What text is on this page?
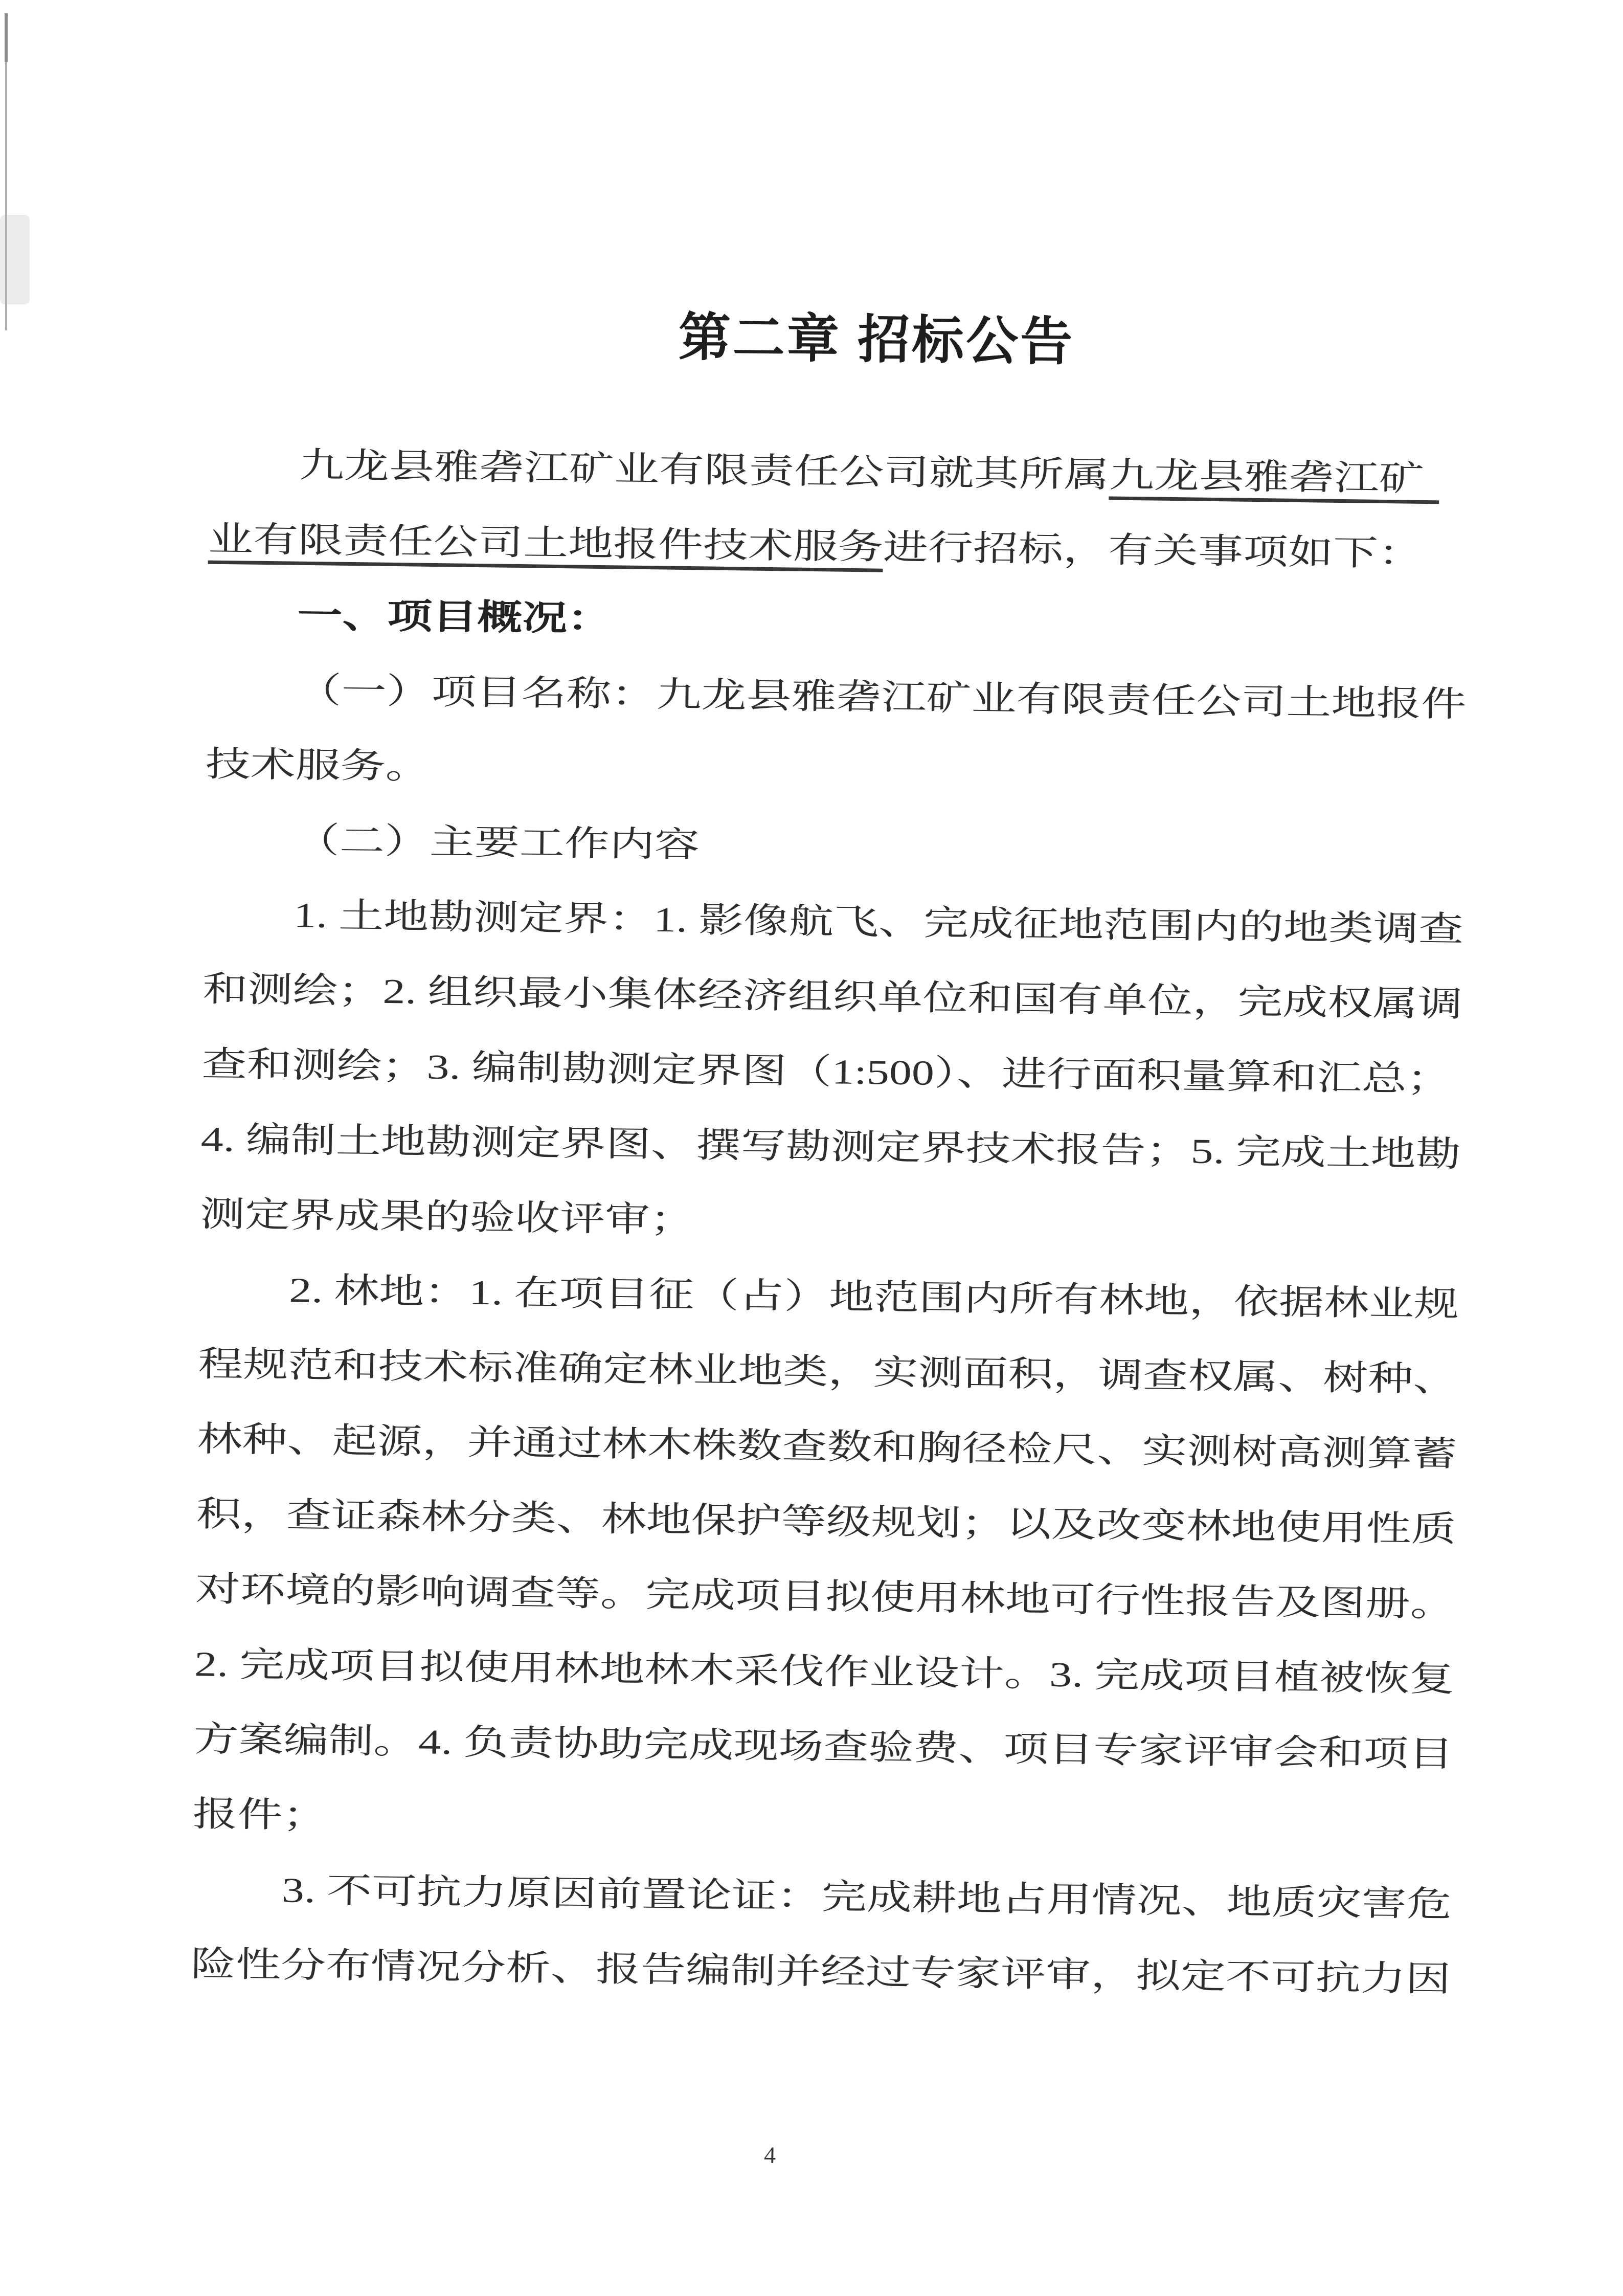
第二章 招标公告
九龙县雅砻江矿业有限责任公司就其所属九龙县雅砻江矿
业有限责任公司土地报件技术服务进行招标，有关事项如下：
一、项目概况：
（一）项目名称：九龙县雅砻江矿业有限责任公司土地报件
技术服务。
（二）主要工作内容
1. 土地勘测定界：1. 影像航飞、完成征地范围内的地类调查
和测绘；2. 组织最小集体经济组织单位和国有单位，完成权属调
查和测绘；3. 编制勘测定界图（1:500）、进行面积量算和汇总；
4. 编制土地勘测定界图、撰写勘测定界技术报告；5. 完成土地勘
测定界成果的验收评审；
2. 林地：1. 在项目征（占）地范围内所有林地，依据林业规
程规范和技术标准确定林业地类，实测面积，调查权属、树种、
林种、起源，并通过林木株数查数和胸径检尺、实测树高测算蓄
积，查证森林分类、林地保护等级规划；以及改变林地使用性质
对环境的影响调查等。完成项目拟使用林地可行性报告及图册。
2. 完成项目拟使用林地林木采伐作业设计。3. 完成项目植被恢复
方案编制。4. 负责协助完成现场查验费、项目专家评审会和项目
报件；
3. 不可抗力原因前置论证：完成耕地占用情况、地质灾害危
险性分布情况分析、报告编制并经过专家评审，拟定不可抗力因
4
